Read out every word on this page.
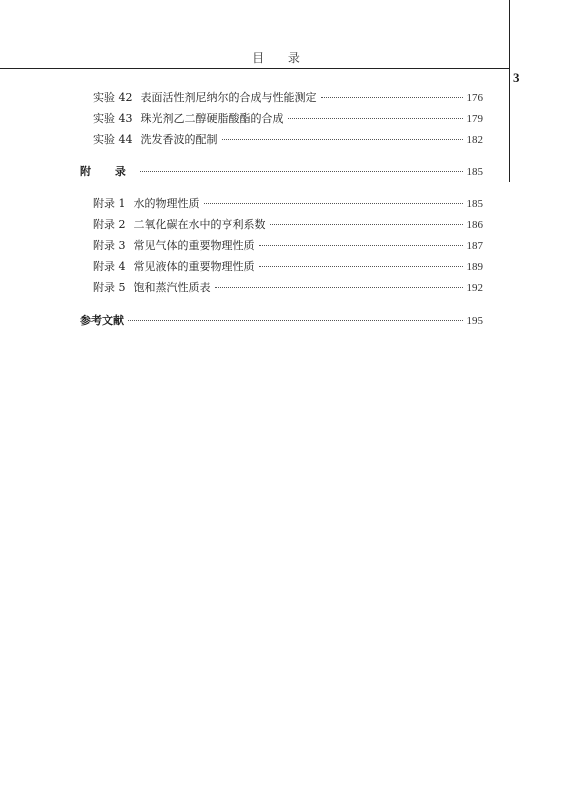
目 录
3
实验 42 表面活性剂尼纳尔的合成与性能测定	176
实验 43 珠光剂乙二醇硬脂酸酯的合成	179
实验 44 洗发香波的配制	182
附 录	185
附录 1 水的物理性质	185
附录 2 二氧化碳在水中的亨利系数	186
附录 3 常见气体的重要物理性质	187
附录 4 常见液体的重要物理性质	189
附录 5 饱和蒸汽性质表	192
参考文献	195
